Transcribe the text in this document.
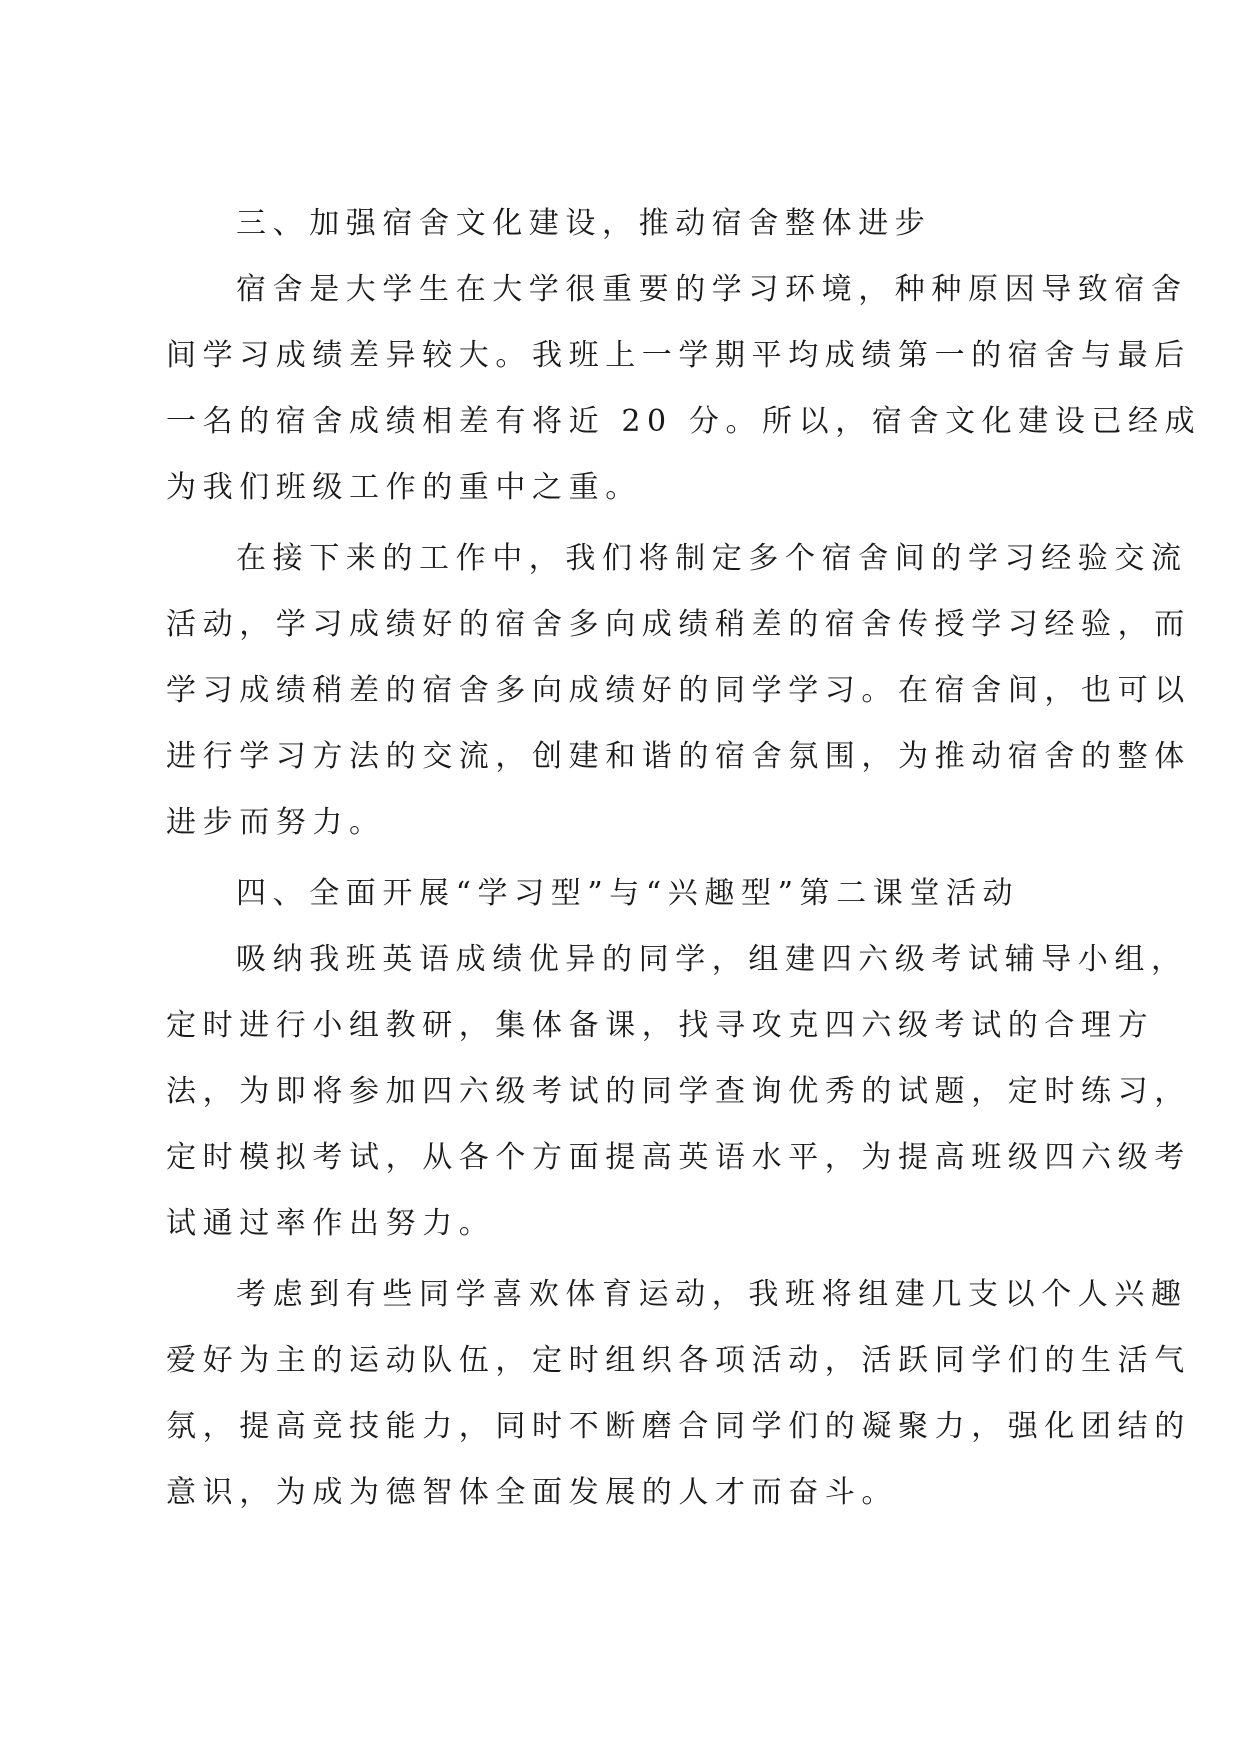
三、加强宿舍文化建设，推动宿舍整体进步

宿舍是大学生在大学很重要的学习环境，种种原因导致宿舍

间学习成绩差异较大。我班上一学期平均成绩第一的宿舍与最后

一名的宿舍成绩相差有将近 20 分。所以，宿舍文化建设已经成

为我们班级工作的重中之重。

在接下来的工作中，我们将制定多个宿舍间的学习经验交流

活动，学习成绩好的宿舍多向成绩稍差的宿舍传授学习经验，而

学习成绩稍差的宿舍多向成绩好的同学学习。在宿舍间，也可以

进行学习方法的交流，创建和谐的宿舍氛围，为推动宿舍的整体

进步而努力。

四、全面开展“学习型”与“兴趣型”第二课堂活动

吸纳我班英语成绩优异的同学，组建四六级考试辅导小组，

定时进行小组教研，集体备课，找寻攻克四六级考试的合理方

法，为即将参加四六级考试的同学查询优秀的试题，定时练习，

定时模拟考试，从各个方面提高英语水平，为提高班级四六级考

试通过率作出努力。

考虑到有些同学喜欢体育运动，我班将组建几支以个人兴趣

爱好为主的运动队伍，定时组织各项活动，活跃同学们的生活气

氛，提高竞技能力，同时不断磨合同学们的凝聚力，强化团结的

意识，为成为德智体全面发展的人才而奋斗。
